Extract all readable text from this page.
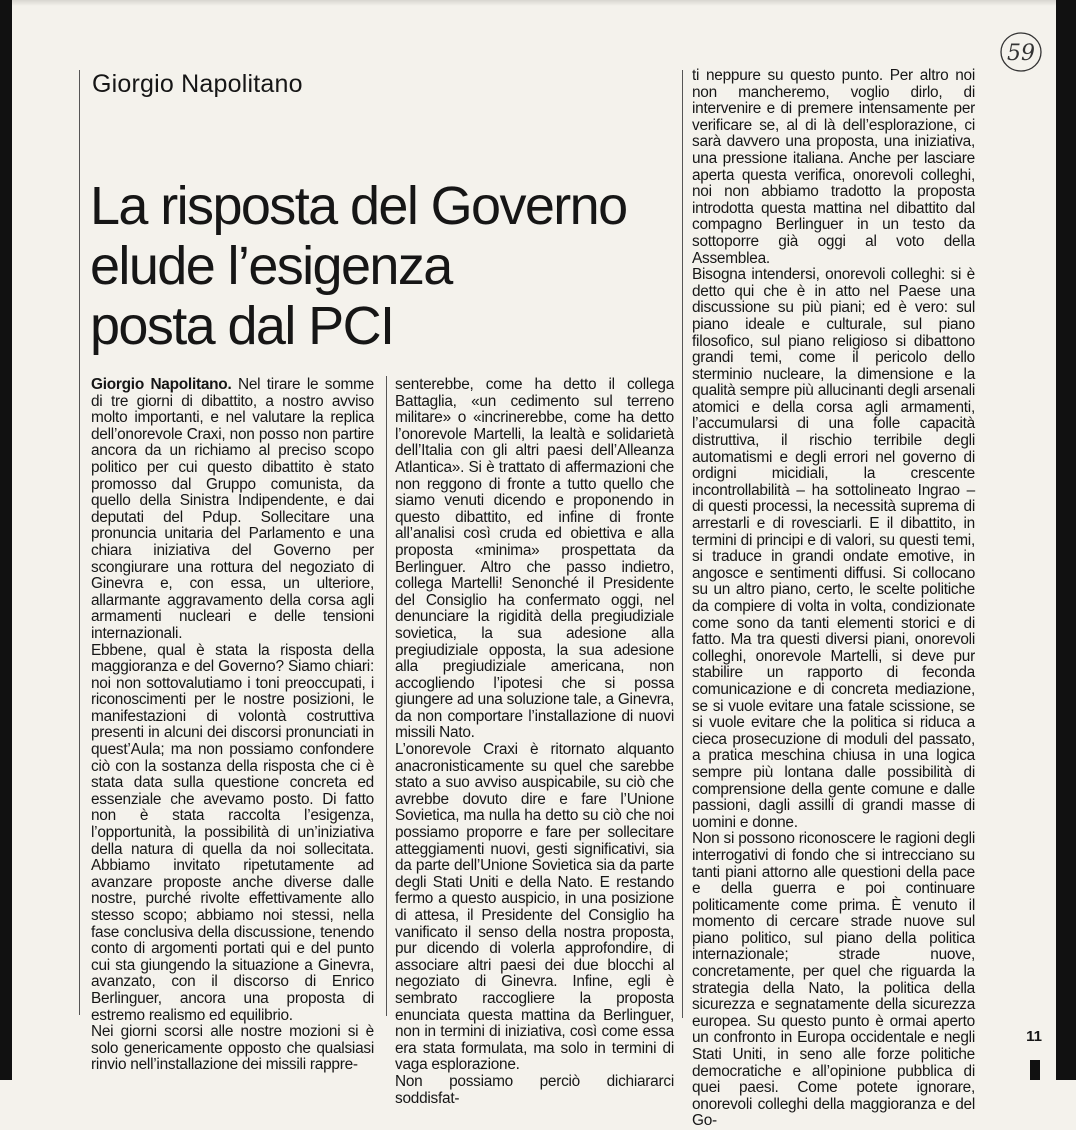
Giorgio Napolitano
La risposta del Governo
elude l’esigenza
posta dal PCI
59

Giorgio Napolitano. Nel tirare le somme di tre giorni di dibattito, a nostro avviso molto importanti, e nel valutare la replica dell’onorevole Craxi, non posso non partire ancora da un richiamo al preciso scopo politico per cui questo dibattito è stato promosso dal Gruppo comunista, da quello della Sinistra Indipendente, e dai deputati del Pdup. Sollecitare una pronuncia unitaria del Parlamento e una chiara iniziativa del Governo per scongiurare una rottura del negoziato di Ginevra e, con essa, un ulteriore, allarmante aggravamento della corsa agli armamenti nucleari e delle tensioni internazionali.

Ebbene, qual è stata la risposta della maggioranza e del Governo? Siamo chiari: noi non sottovalutiamo i toni preoccupati, i riconoscimenti per le nostre posizioni, le manifestazioni di volontà costruttiva presenti in alcuni dei discorsi pronunciati in quest’Aula; ma non possiamo confondere ciò con la sostanza della risposta che ci è stata data sulla questione concreta ed essenziale che avevamo posto. Di fatto non è stata raccolta l’esigenza, l’opportunità, la possibilità di un’iniziativa della natura di quella da noi sollecitata. Abbiamo invitato ripetutamente ad avanzare proposte anche diverse dalle nostre, purché rivolte effettivamente allo stesso scopo; abbiamo noi stessi, nella fase conclusiva della discussione, tenendo conto di argomenti portati qui e del punto cui sta giungendo la situazione a Ginevra, avanzato, con il discorso di Enrico Berlinguer, ancora una proposta di estremo realismo ed equilibrio.

Nei giorni scorsi alle nostre mozioni si è solo genericamente opposto che qualsiasi rinvio nell’installazione dei missili rappre-

senterebbe, come ha detto il collega Battaglia, «un cedimento sul terreno militare» o «incrinerebbe, come ha detto l’onorevole Martelli, la lealtà e solidarietà dell’Italia con gli altri paesi dell’Alleanza Atlantica». Si è trattato di affermazioni che non reggono di fronte a tutto quello che siamo venuti dicendo e proponendo in questo dibattito, ed infine di fronte all’analisi così cruda ed obiettiva e alla proposta «minima» prospettata da Berlinguer. Altro che passo indietro, collega Martelli! Senonché il Presidente del Consiglio ha confermato oggi, nel denunciare la rigidità della pregiudiziale sovietica, la sua adesione alla pregiudiziale opposta, la sua adesione alla pregiudiziale americana, non accogliendo l’ipotesi che si possa giungere ad una soluzione tale, a Ginevra, da non comportare l’installazione di nuovi missili Nato.

L’onorevole Craxi è ritornato alquanto anacronisticamente su quel che sarebbe stato a suo avviso auspicabile, su ciò che avrebbe dovuto dire e fare l’Unione Sovietica, ma nulla ha detto su ciò che noi possiamo proporre e fare per sollecitare atteggiamenti nuovi, gesti significativi, sia da parte dell’Unione Sovietica sia da parte degli Stati Uniti e della Nato. E restando fermo a questo auspicio, in una posizione di attesa, il Presidente del Consiglio ha vanificato il senso della nostra proposta, pur dicendo di volerla approfondire, di associare altri paesi dei due blocchi al negoziato di Ginevra. Infine, egli è sembrato raccogliere la proposta enunciata questa mattina da Berlinguer, non in termini di iniziativa, così come essa era stata formulata, ma solo in termini di vaga esplorazione.

Non possiamo perciò dichiararci soddisfat-

ti neppure su questo punto. Per altro noi non mancheremo, voglio dirlo, di intervenire e di premere intensamente per verificare se, al di là dell’esplorazione, ci sarà davvero una proposta, una iniziativa, una pressione italiana. Anche per lasciare aperta questa verifica, onorevoli colleghi, noi non abbiamo tradotto la proposta introdotta questa mattina nel dibattito dal compagno Berlinguer in un testo da sottoporre già oggi al voto della Assemblea.

Bisogna intendersi, onorevoli colleghi: si è detto qui che è in atto nel Paese una discussione su più piani; ed è vero: sul piano ideale e culturale, sul piano filosofico, sul piano religioso si dibattono grandi temi, come il pericolo dello sterminio nucleare, la dimensione e la qualità sempre più allucinanti degli arsenali atomici e della corsa agli armamenti, l’accumularsi di una folle capacità distruttiva, il rischio terribile degli automatismi e degli errori nel governo di ordigni micidiali, la crescente incontrollabilità – ha sottolineato Ingrao – di questi processi, la necessità suprema di arrestarli e di rovesciarli. E il dibattito, in termini di principi e di valori, su questi temi, si traduce in grandi ondate emotive, in angosce e sentimenti diffusi. Si collocano su un altro piano, certo, le scelte politiche da compiere di volta in volta, condizionate come sono da tanti elementi storici e di fatto. Ma tra questi diversi piani, onorevoli colleghi, onorevole Martelli, si deve pur stabilire un rapporto di feconda comunicazione e di concreta mediazione, se si vuole evitare una fatale scissione, se si vuole evitare che la politica si riduca a cieca prosecuzione di moduli del passato, a pratica meschina chiusa in una logica sempre più lontana dalle possibilità di comprensione della gente comune e dalle passioni, dagli assilli di grandi masse di uomini e donne.

Non si possono riconoscere le ragioni degli interrogativi di fondo che si intrecciano su tanti piani attorno alle questioni della pace e della guerra e poi continuare politicamente come prima. È venuto il momento di cercare strade nuove sul piano politico, sul piano della politica internazionale; strade nuove, concretamente, per quel che riguarda la strategia della Nato, la politica della sicurezza e segnatamente della sicurezza europea. Su questo punto è ormai aperto un confronto in Europa occidentale e negli Stati Uniti, in seno alle forze politiche democratiche e all’opinione pubblica di quei paesi. Come potete ignorare, onorevoli colleghi della maggioranza e del Go-

11
